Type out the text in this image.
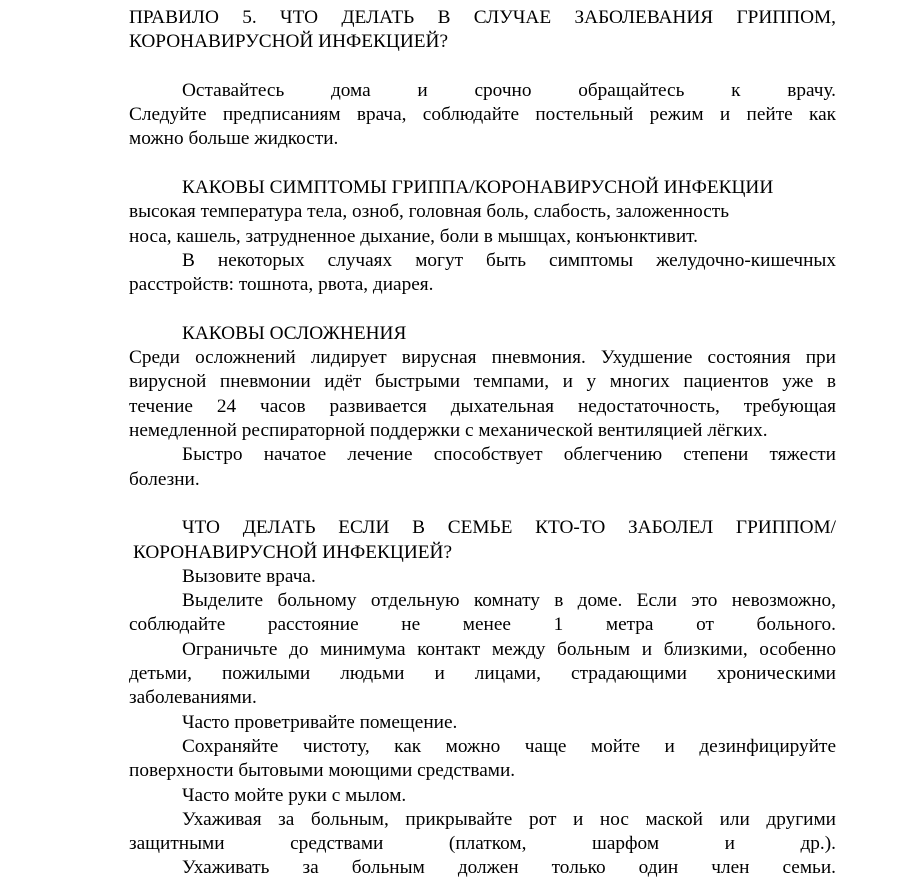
ПРАВИЛО 5. ЧТО ДЕЛАТЬ В СЛУЧАЕ ЗАБОЛЕВАНИЯ ГРИППОМ,

КОРОНАВИРУСНОЙ ИНФЕКЦИЕЙ?

Оставайтесь дома и срочно обращайтесь к врачу.

Следуйте предписаниям врача, соблюдайте постельный режим и пейте как

можно больше жидкости.

КАКОВЫ СИМПТОМЫ ГРИППА/КОРОНАВИРУСНОЙ ИНФЕКЦИИ

высокая температура тела, озноб, головная боль, слабость, заложенность

носа, кашель, затрудненное дыхание, боли в мышцах, конъюнктивит.

В некоторых случаях могут быть симптомы желудочно-кишечных

расстройств: тошнота, рвота, диарея.

КАКОВЫ ОСЛОЖНЕНИЯ

Среди осложнений лидирует вирусная пневмония. Ухудшение состояния при

вирусной пневмонии идёт быстрыми темпами, и у многих пациентов уже в

течение 24 часов развивается дыхательная недостаточность, требующая

немедленной респираторной поддержки с механической вентиляцией лёгких.

Быстро начатое лечение способствует облегчению степени тяжести

болезни.

ЧТО ДЕЛАТЬ ЕСЛИ В СЕМЬЕ КТО-ТО ЗАБОЛЕЛ ГРИППОМ/

КОРОНАВИРУСНОЙ ИНФЕКЦИЕЙ?

Вызовите врача.

Выделите больному отдельную комнату в доме. Если это невозможно,

соблюдайте расстояние не менее 1 метра от больного.

Ограничьте до минимума контакт между больным и близкими, особенно

детьми, пожилыми людьми и лицами, страдающими хроническими

заболеваниями.

Часто проветривайте помещение.

Сохраняйте чистоту, как можно чаще мойте и дезинфицируйте

поверхности бытовыми моющими средствами.

Часто мойте руки с мылом.

Ухаживая за больным, прикрывайте рот и нос маской или другими

защитными средствами (платком, шарфом и др.).

Ухаживать за больным должен только один член семьи.
